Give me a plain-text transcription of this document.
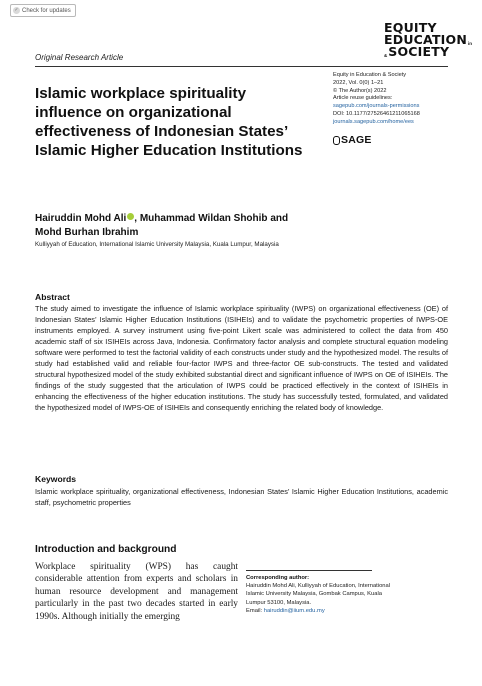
✓ Check for updates
EQUITY
EDUCATION in
& SOCIETY
Original Research Article
Islamic workplace spirituality influence on organizational effectiveness of Indonesian States’ Islamic Higher Education Institutions
Equity in Education & Society
2022, Vol. 0(0) 1–21
© The Author(s) 2022
Article reuse guidelines:
sagepub.com/journals-permissions
DOI: 10.1177/27526461211065168
journals.sagepub.com/home/ees
SAGE
Hairuddin Mohd Ali , Muhammad Wildan Shohib and
Mohd Burhan Ibrahim
Kulliyyah of Education, International Islamic University Malaysia, Kuala Lumpur, Malaysia
Abstract
The study aimed to investigate the influence of Islamic workplace spirituality (IWPS) on organizational effectiveness (OE) of Indonesian States’ Islamic Higher Education Institutions (ISIHEIs) and to validate the psychometric properties of IWPS-OE instruments employed. A survey instrument using five-point Likert scale was administered to collect the data from 450 academic staff of six ISIHEIs across Java, Indonesia. Confirmatory factor analysis and complete structural equation modeling software were performed to test the factorial validity of each constructs under study and the hypothesized model. The results of study had established valid and reliable four-factor IWPS and three-factor OE sub-constructs. The tested and validated structural hypothesized model of the study exhibited substantial direct and significant influence of IWPS on OE of ISIHEIs. The findings of the study suggested that the articulation of IWPS could be practiced effectively in the context of ISIHEIs in enhancing the effectiveness of the higher education institutions. The study has successfully tested, formulated, and validated the hypothesized model of IWPS-OE of ISIHEIs and consequently enriching the related body of knowledge.
Keywords
Islamic workplace spirituality, organizational effectiveness, Indonesian States’ Islamic Higher Education Institutions, academic staff, psychometric properties
Introduction and background
Workplace spirituality (WPS) has caught considerable attention from experts and scholars in human resource development and management particularly in the past two decades started in early 1990s. Although initially the emerging
Corresponding author:
Hairuddin Mohd Ali, Kulliyyah of Education, International
Islamic University Malaysia, Gombak Campus, Kuala
Lumpur 53100, Malaysia.
Email: hairuddin@iium.edu.my
